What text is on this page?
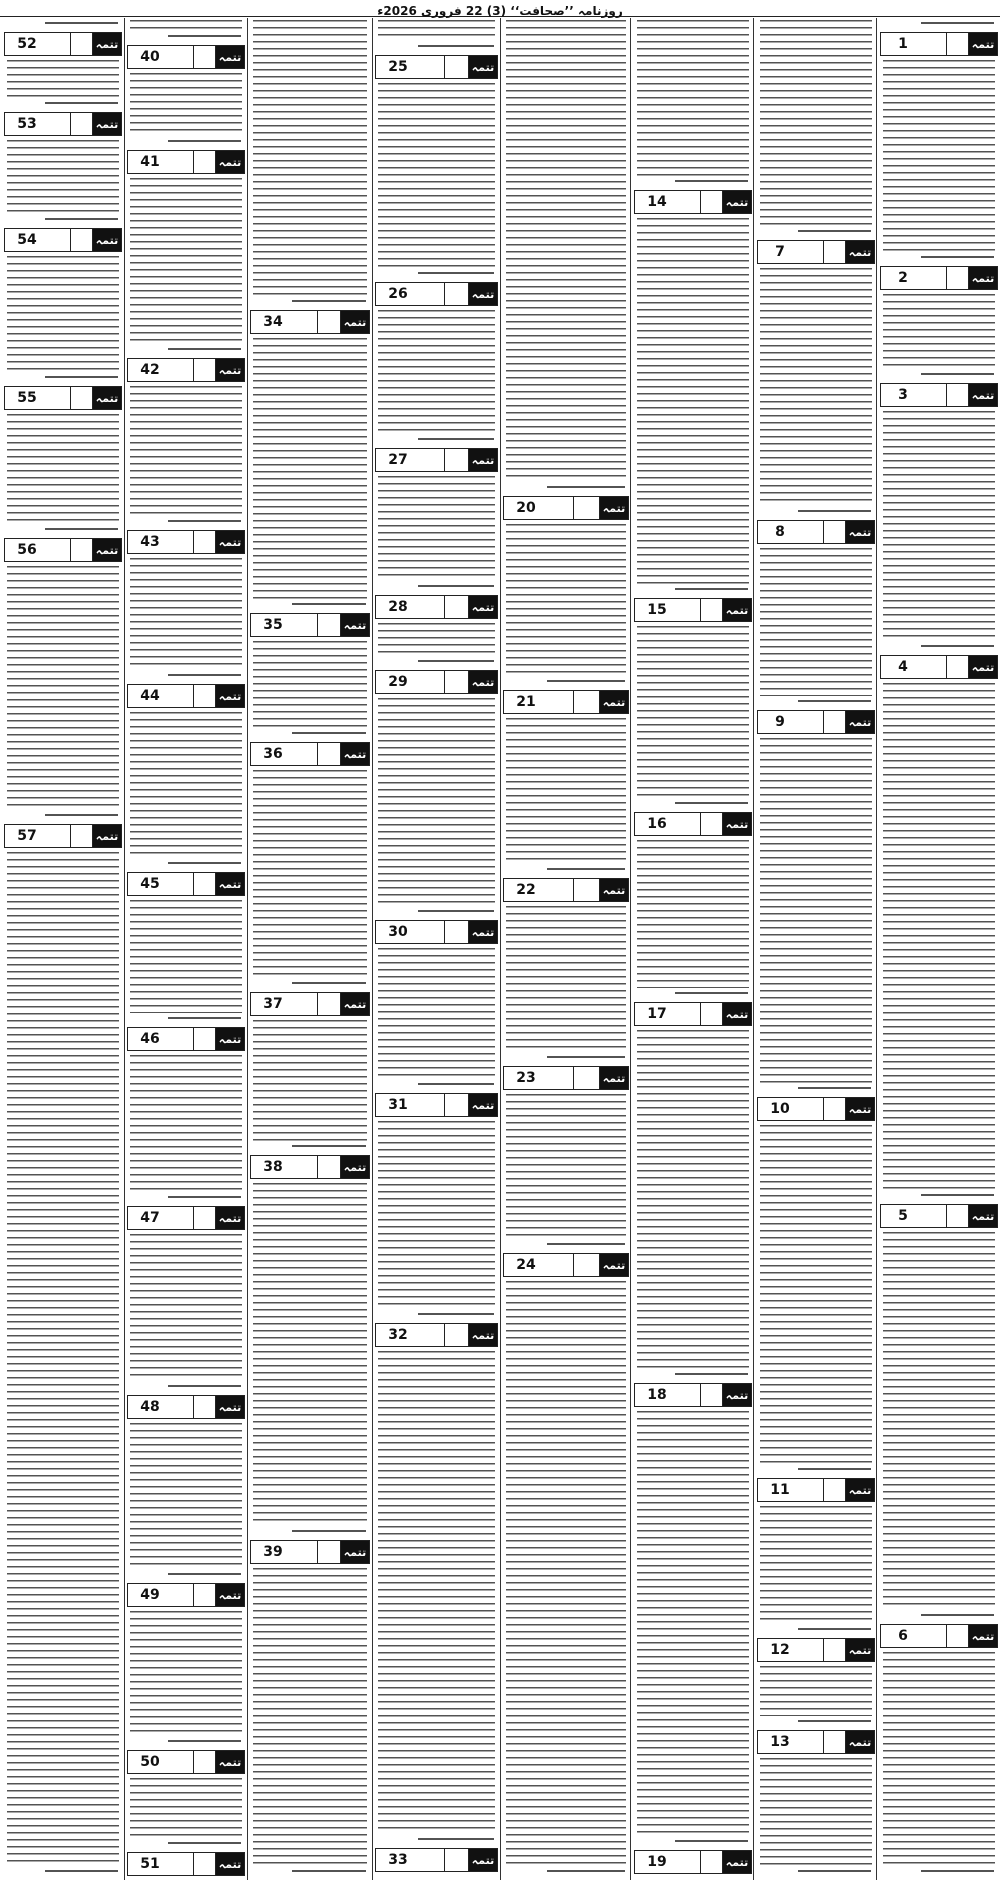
روزنامہ ’’صحافت‘‘ (3) 22 فروری 2026ء
1	تتمہ
2	تتمہ
3	تتمہ
4	تتمہ
5	تتمہ
6	تتمہ
7	تتمہ
8	تتمہ
9	تتمہ
10	تتمہ
11	تتمہ
12	تتمہ
13	تتمہ
14	تتمہ
15	تتمہ
16	تتمہ
17	تتمہ
18	تتمہ
19	تتمہ
20	تتمہ
21	تتمہ
22	تتمہ
23	تتمہ
24	تتمہ
25	تتمہ
26	تتمہ
27	تتمہ
28	تتمہ
29	تتمہ
30	تتمہ
31	تتمہ
32	تتمہ
33	تتمہ
34	تتمہ
35	تتمہ
36	تتمہ
37	تتمہ
38	تتمہ
39	تتمہ
40	تتمہ
41	تتمہ
42	تتمہ
43	تتمہ
44	تتمہ
45	تتمہ
46	تتمہ
47	تتمہ
48	تتمہ
49	تتمہ
50	تتمہ
51	تتمہ
52	تتمہ
53	تتمہ
54	تتمہ
55	تتمہ
56	تتمہ
57	تتمہ
